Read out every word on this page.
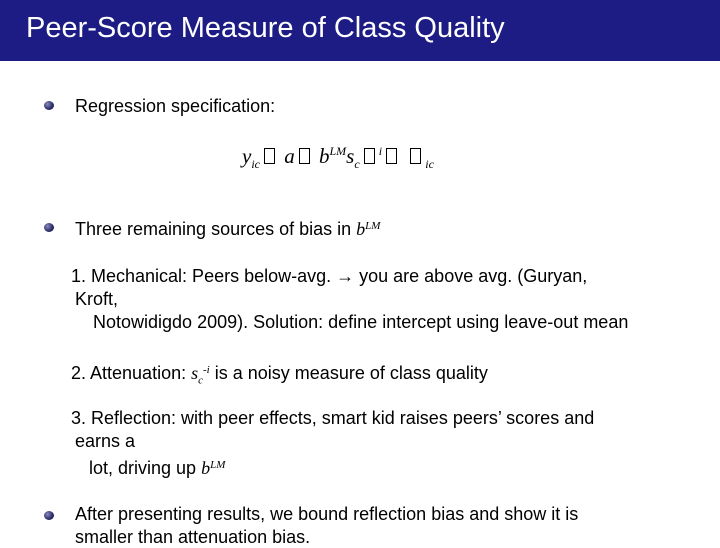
Peer-Score Measure of Class Quality
Regression specification:
$y_{ic}$ a $b^{LM}s_c^i$ $_{ic}$
Three remaining sources of bias in $b^{LM}$
1. Mechanical: Peers below-avg. → you are above avg. (Guryan,
Kroft,
Notowidigdo 2009). Solution: define intercept using leave-out mean
2. Attenuation: $s_c^{-i}$ is a noisy measure of class quality
3. Reflection: with peer effects, smart kid raises peers’ scores and
earns a
lot, driving up $b^{LM}$
After presenting results, we bound reflection bias and show it is
smaller than attenuation bias.
